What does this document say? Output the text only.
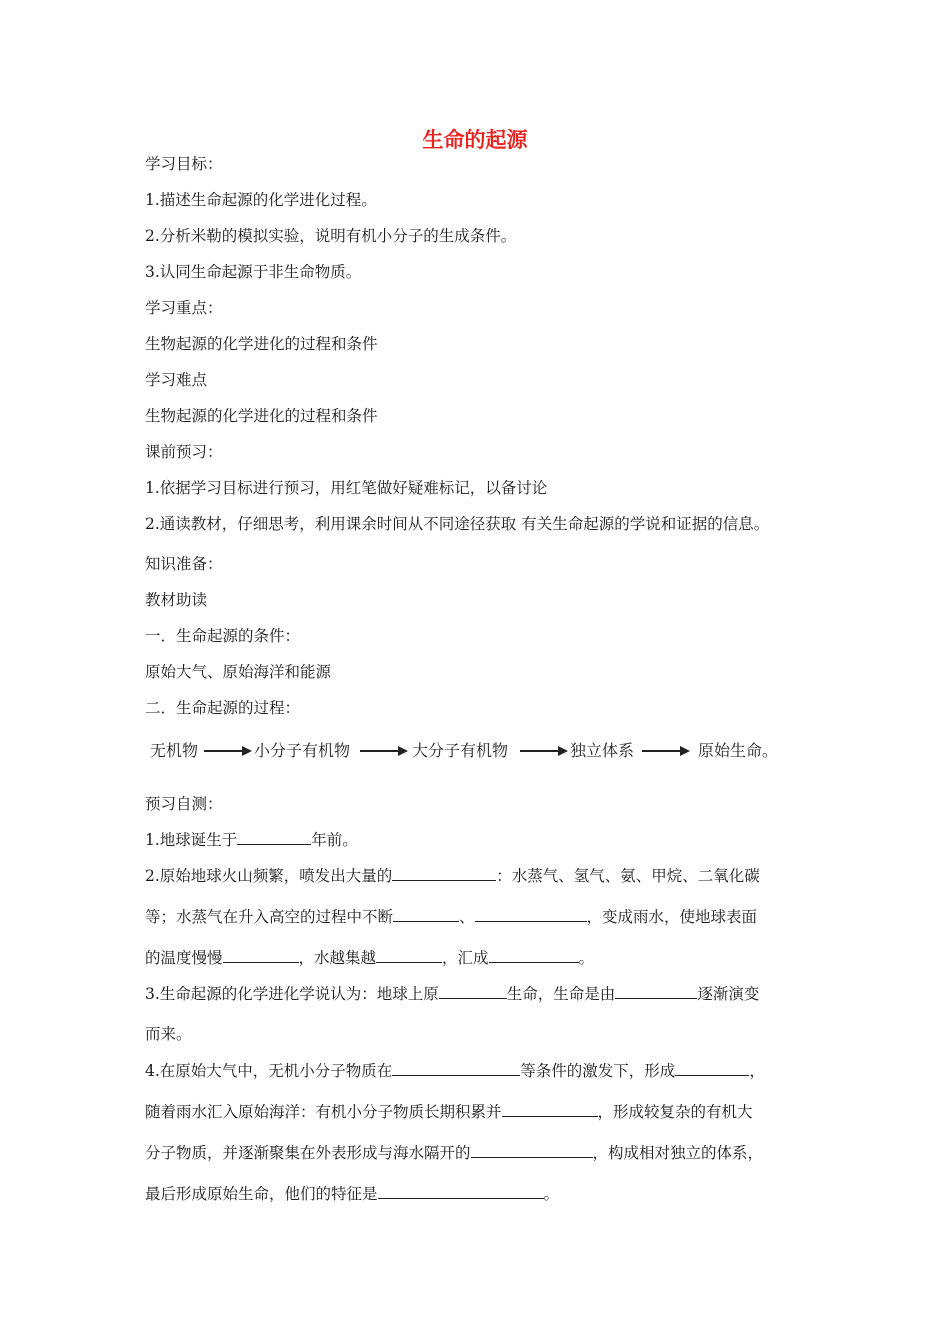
生命的起源
学习目标：
1.描述生命起源的化学进化过程。
2.分析米勒的模拟实验，说明有机小分子的生成条件。
3.认同生命起源于非生命物质。
学习重点：
生物起源的化学进化的过程和条件
学习难点
生物起源的化学进化的过程和条件
课前预习：
1.依据学习目标进行预习，用红笔做好疑难标记，以备讨论
2.通读教材，仔细思考，利用课余时间从不同途径获取 有关生命起源的学说和证据的信息。
知识准备：
教材助读
一．生命起源的条件：
原始大气、原始海洋和能源
二．生命起源的过程：
无机物	小分子有机物	大分子有机物	独立体系	原始生命。
预习自测：
1.地球诞生于	年前。
2.原始地球火山频繁，喷发出大量的	：水蒸气、氢气、氨、甲烷、二氧化碳
等；水蒸气在升入高空的过程中不断	、	，变成雨水，使地球表面
的温度慢慢	，水越集越	，汇成	。
3.生命起源的化学进化学说认为：地球上原	生命，生命是由	逐渐演变
而来。
4.在原始大气中，无机小分子物质在	等条件的激发下，形成	，
随着雨水汇入原始海洋：有机小分子物质长期积累并	，形成较复杂的有机大
分子物质，并逐渐聚集在外表形成与海水隔开的	，构成相对独立的体系，
最后形成原始生命，他们的特征是	。
